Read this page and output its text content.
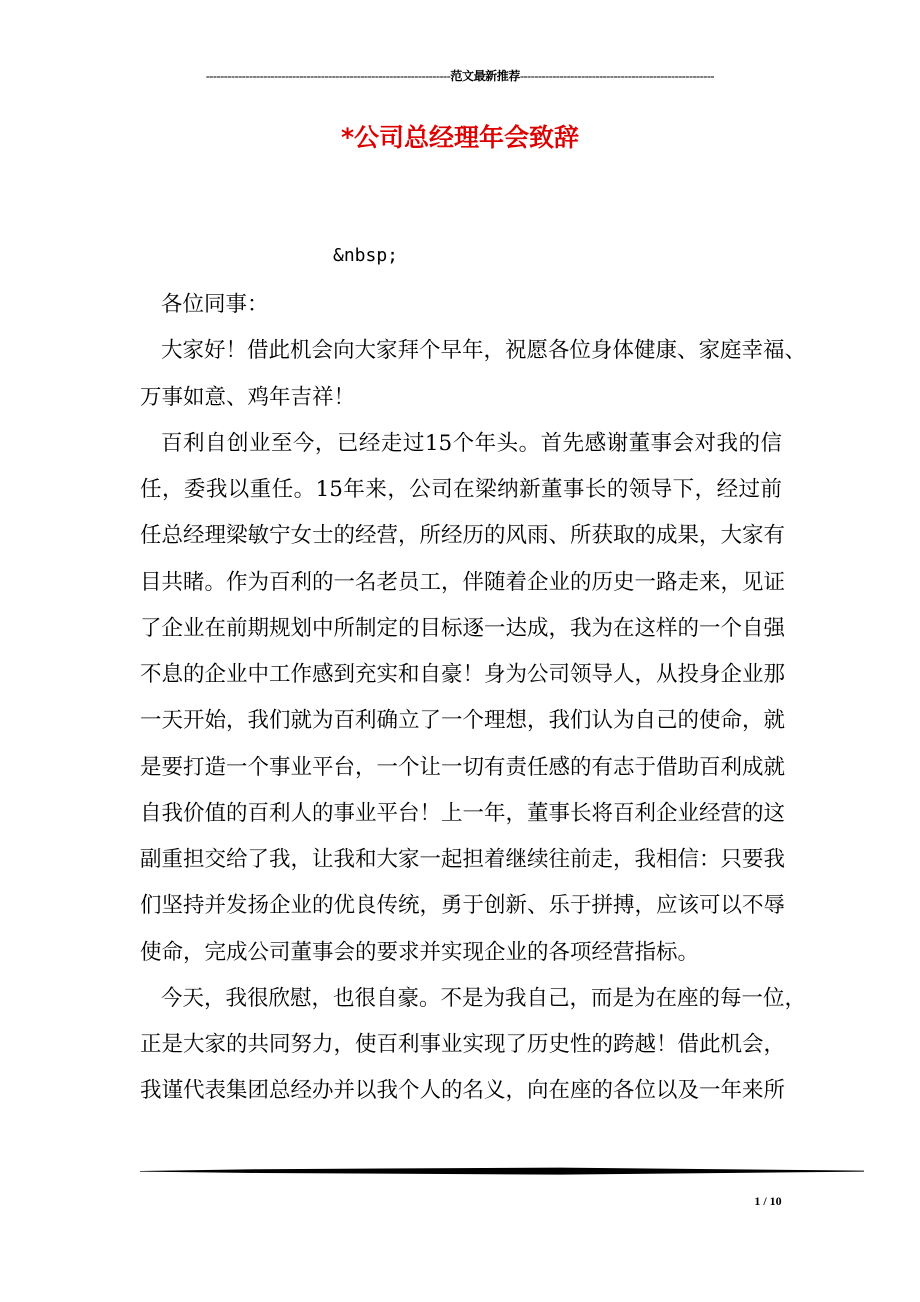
--------------------------------------------------------------------范文最新推荐------------------------------------------------------
*公司总经理年会致辞
&nbsp;
各位同事：
大家好！借此机会向大家拜个早年，祝愿各位身体健康、家庭幸福、
万事如意、鸡年吉祥！
百利自创业至今，已经走过15个年头。首先感谢董事会对我的信
任，委我以重任。15年来，公司在梁纳新董事长的领导下，经过前
任总经理梁敏宁女士的经营，所经历的风雨、所获取的成果，大家有
目共睹。作为百利的一名老员工，伴随着企业的历史一路走来，见证
了企业在前期规划中所制定的目标逐一达成，我为在这样的一个自强
不息的企业中工作感到充实和自豪！身为公司领导人，从投身企业那
一天开始，我们就为百利确立了一个理想，我们认为自己的使命，就
是要打造一个事业平台，一个让一切有责任感的有志于借助百利成就
自我价值的百利人的事业平台！上一年，董事长将百利企业经营的这
副重担交给了我，让我和大家一起担着继续往前走，我相信：只要我
们坚持并发扬企业的优良传统，勇于创新、乐于拼搏，应该可以不辱
使命，完成公司董事会的要求并实现企业的各项经营指标。
今天，我很欣慰，也很自豪。不是为我自己，而是为在座的每一位，
正是大家的共同努力，使百利事业实现了历史性的跨越！借此机会，
我谨代表集团总经办并以我个人的名义，向在座的各位以及一年来所
1 / 10
